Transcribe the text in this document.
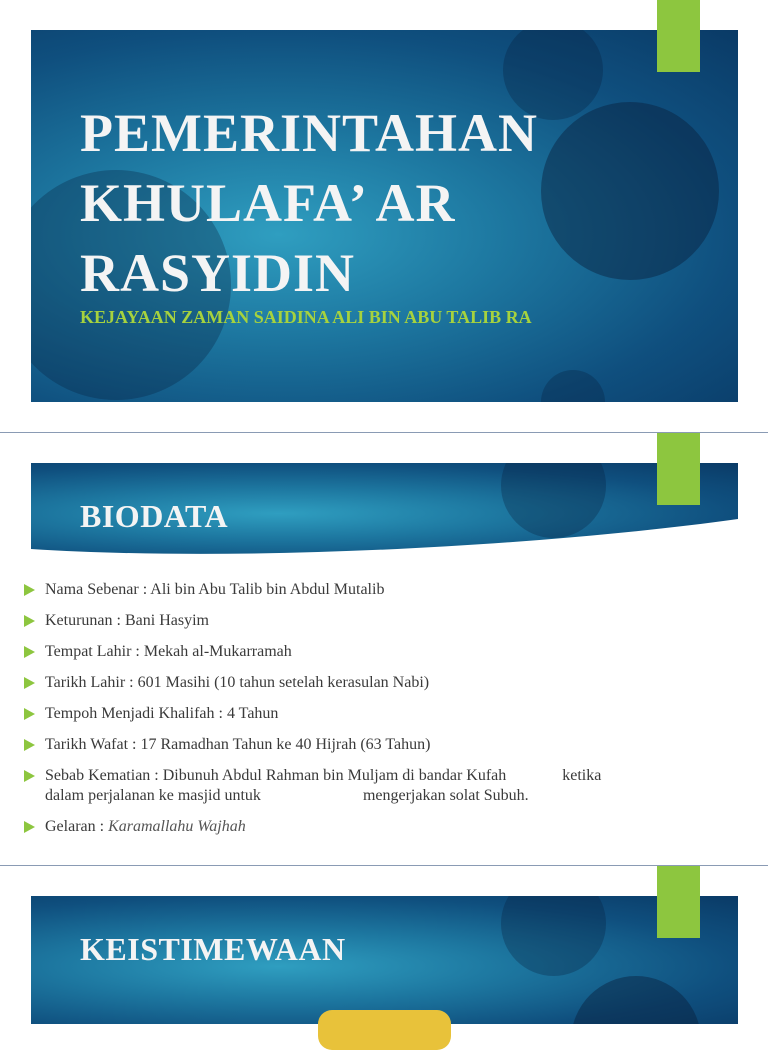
PEMERINTAHAN
KHULAFA’ AR
RASYIDIN

KEJAYAAN ZAMAN SAIDINA ALI BIN ABU TALIB RA

BIODATA
Nama Sebenar : Ali bin Abu Talib bin Abdul Mutalib
Keturunan : Bani Hasyim
Tempat Lahir : Mekah al-Mukarramah
Tarikh Lahir : 601 Masihi (10 tahun setelah kerasulan Nabi)
Tempoh Menjadi Khalifah : 4 Tahun
Tarikh Wafat : 17 Ramadhan Tahun ke 40 Hijrah (63 Tahun)
Sebab Kematian : Dibunuh Abdul Rahman bin Muljam di bandar Kufah	ketika
dalam perjalanan ke masjid untuk	mengerjakan solat Subuh.
Gelaran : Karamallahu Wajhah
KEISTIMEWAAN
